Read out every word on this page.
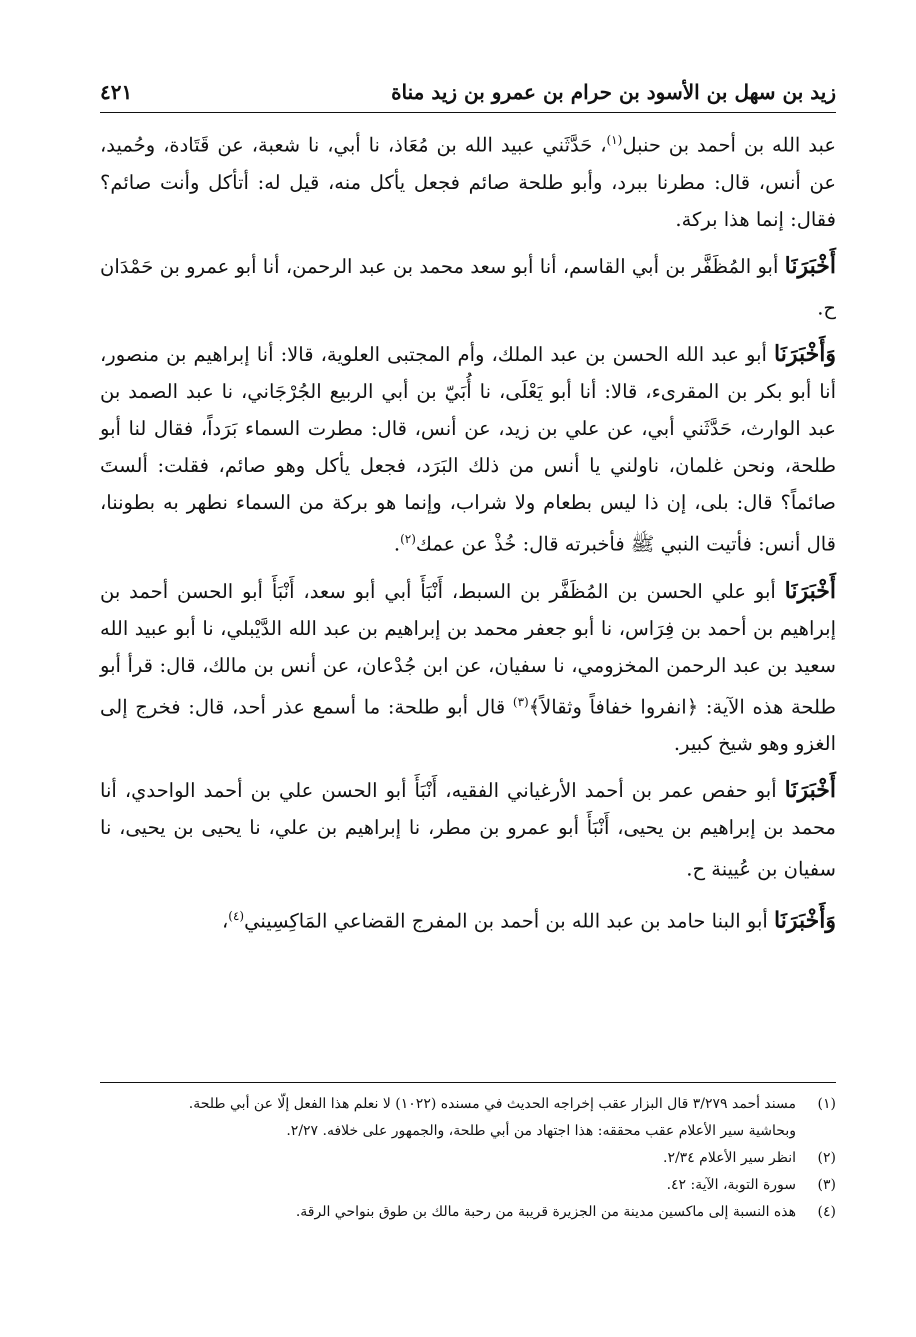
زيد بن سهل بن الأسود بن حرام بن عمرو بن زيد مناة
٤٢١

عبد الله بن أحمد بن حنبل$^{(١)}$، حَدَّثَني عبيد الله بن مُعَاذ، نا أبي، نا شعبة، عن قَتَادة، وحُميد، عن أنس، قال: مطرنا ببرد، وأبو طلحة صائم فجعل يأكل منه، قيل له: أتأكل وأنت صائم؟ فقال: إنما هذا بركة.

أَخْبَرَنَا أبو المُظَفَّر بن أبي القاسم، أنا أبو سعد محمد بن عبد الرحمن، أنا أبو عمرو بن حَمْدَان ح.

وَأَخْبَرَنَا أبو عبد الله الحسن بن عبد الملك، وأم المجتبى العلوية، قالا: أنا إبراهيم بن منصور، أنا أبو بكر بن المقرىء، قالا: أنا أبو يَعْلَى، نا أُبَيّ بن أبي الربيع الجُرْجَاني، نا عبد الصمد بن عبد الوارث، حَدَّثَني أبي، عن علي بن زيد، عن أنس، قال: مطرت السماء بَرَداً، فقال لنا أبو طلحة، ونحن غلمان، ناولني يا أنس من ذلك البَرَد، فجعل يأكل وهو صائم، فقلت: ألستَ صائماً؟ قال: بلى، إن ذا ليس بطعام ولا شراب، وإنما هو بركة من السماء نطهر به بطوننا، قال أنس: فأتيت النبي ﷺ فأخبرته قال: خُذْ عن عمك$^{(٢)}$.

أَخْبَرَنَا أبو علي الحسن بن المُظَفَّر بن السبط، أَنْبَأَ أبي أبو سعد، أَنْبَأَ أبو الحسن أحمد بن إبراهيم بن أحمد بن فِرَاس، نا أبو جعفر محمد بن إبراهيم بن عبد الله الدَّيْبلي، نا أبو عبيد الله سعيد بن عبد الرحمن المخزومي، نا سفيان، عن ابن جُدْعان، عن أنس بن مالك، قال: قرأ أبو طلحة هذه الآية: ﴿انفروا خفافاً وثقالاً﴾$^{(٣)}$ قال أبو طلحة: ما أسمع عذر أحد، قال: فخرج إلى الغزو وهو شيخ كبير.

أَخْبَرَنَا أبو حفص عمر بن أحمد الأرغياني الفقيه، أَنْبَأَ أبو الحسن علي بن أحمد الواحدي، أنا محمد بن إبراهيم بن يحيى، أَنْبَأَ أبو عمرو بن مطر، نا إبراهيم بن علي، نا يحيى بن يحيى، نا سفيان بن عُيينة ح.

وَأَخْبَرَنَا أبو البنا حامد بن عبد الله بن أحمد بن المفرج القضاعي المَاكِسِيني$^{(٤)}$،

(١)
مسند أحمد ٣/٢٧٩ قال البزار عقب إخراجه الحديث في مسنده (١٠٢٢) لا نعلم هذا الفعل إلّا عن أبي طلحة.
وبحاشية سير الأعلام عقب محققه: هذا اجتهاد من أبي طلحة، والجمهور على خلافه. ٢/٢٧.
(٢)
انظر سير الأعلام ٢/٣٤.
(٣)
سورة التوبة، الآية: ٤٢.
(٤)
هذه النسبة إلى ماكسين مدينة من الجزيرة قريبة من رحبة مالك بن طوق بنواحي الرقة.
